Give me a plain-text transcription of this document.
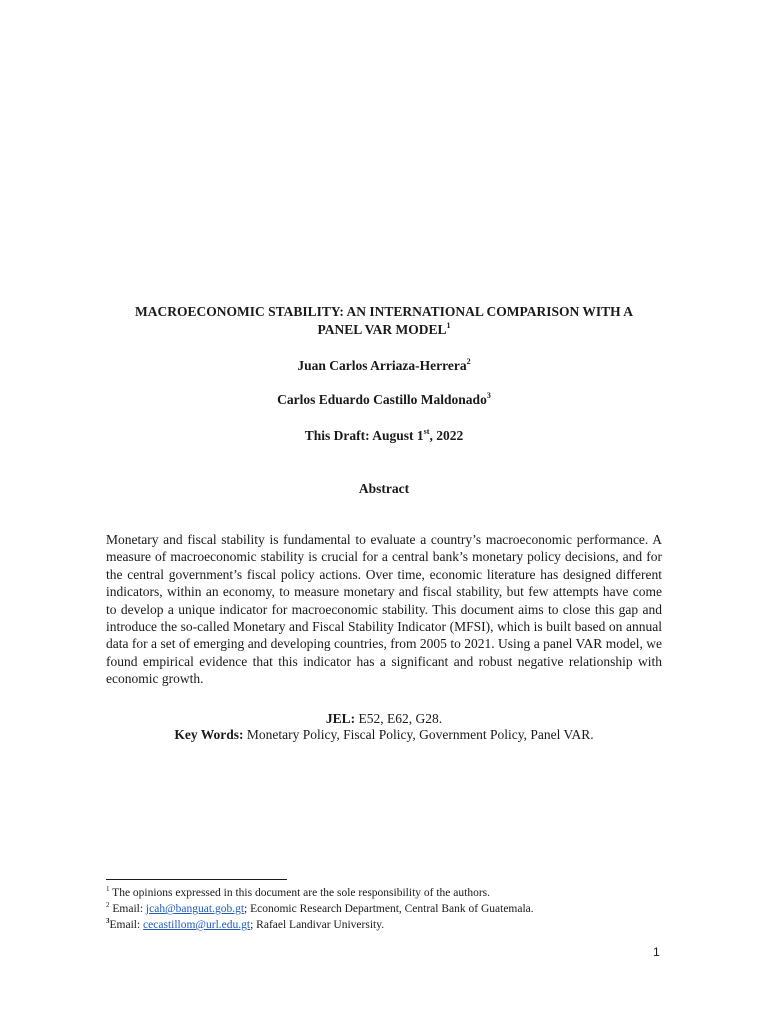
MACROECONOMIC STABILITY: AN INTERNATIONAL COMPARISON WITH A
PANEL VAR MODEL$^1$
Juan Carlos Arriaza-Herrera$^2$
Carlos Eduardo Castillo Maldonado$^3$
This Draft: August 1st, 2022
Abstract
Monetary and fiscal stability is fundamental to evaluate a country’s macroeconomic performance. A measure of macroeconomic stability is crucial for a central bank’s monetary policy decisions, and for the central government’s fiscal policy actions. Over time, economic literature has designed different indicators, within an economy, to measure monetary and fiscal stability, but few attempts have come to develop a unique indicator for macroeconomic stability. This document aims to close this gap and introduce the so-called Monetary and Fiscal Stability Indicator (MFSI), which is built based on annual data for a set of emerging and developing countries, from 2005 to 2021. Using a panel VAR model, we found empirical evidence that this indicator has a significant and robust negative relationship with economic growth.
JEL: E52, E62, G28.
Key Words: Monetary Policy, Fiscal Policy, Government Policy, Panel VAR.
$^1$ The opinions expressed in this document are the sole responsibility of the authors.
$^2$ Email: jcah@banguat.gob.gt; Economic Research Department, Central Bank of Guatemala.
$^3$Email: cecastillom@url.edu.gt; Rafael Landivar University.
1
